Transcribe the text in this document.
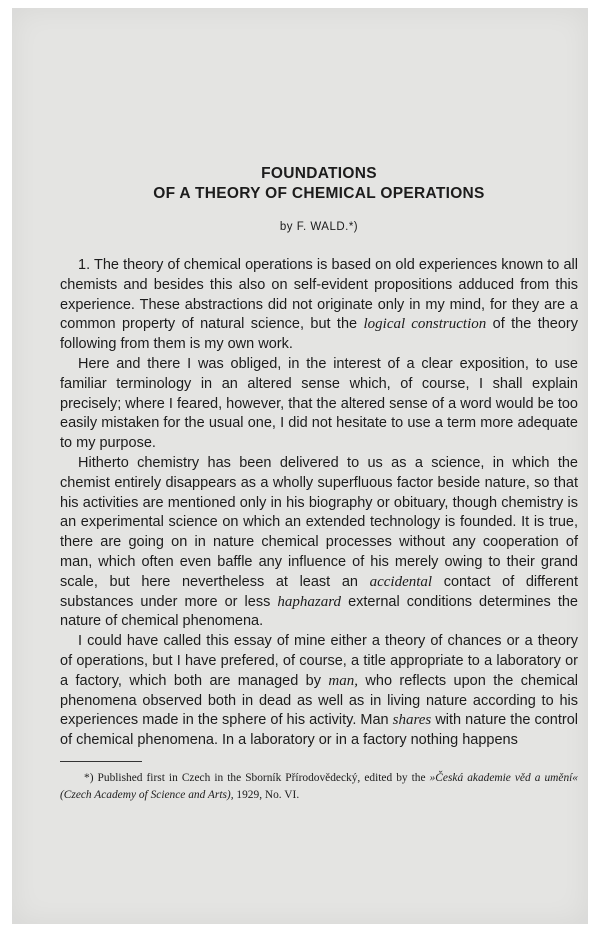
FOUNDATIONS
OF A THEORY OF CHEMICAL OPERATIONS
by F. WALD.*)

1. The theory of chemical operations is based on old experiences known to all chemists and besides this also on self-evident propositions adduced from this experience. These abstractions did not originate only in my mind, for they are a common property of natural science, but the logical construction of the theory following from them is my own work.

Here and there I was obliged, in the interest of a clear exposition, to use familiar terminology in an altered sense which, of course, I shall explain precisely; where I feared, however, that the altered sense of a word would be too easily mistaken for the usual one, I did not hesitate to use a term more adequate to my purpose.

Hitherto chemistry has been delivered to us as a science, in which the chemist entirely disappears as a wholly superfluous factor beside nature, so that his activities are mentioned only in his biography or obituary, though chemistry is an experimental science on which an extended technology is founded. It is true, there are going on in nature chemical processes without any cooperation of man, which often even baffle any influence of his merely owing to their grand scale, but here nevertheless at least an accidental contact of different substances under more or less haphazard external conditions determines the nature of chemical phenomena.

I could have called this essay of mine either a theory of chances or a theory of operations, but I have prefered, of course, a title appropriate to a laboratory or a factory, which both are managed by man, who reflects upon the chemical phenomena observed both in dead as well as in living nature according to his experiences made in the sphere of his activity. Man shares with nature the control of chemical phenomena. In a laboratory or in a factory nothing happens

*) Published first in Czech in the Sborník Přírodovědecký, edited by the »Česká akademie věd a umění« (Czech Academy of Science and Arts), 1929, No. VI.
